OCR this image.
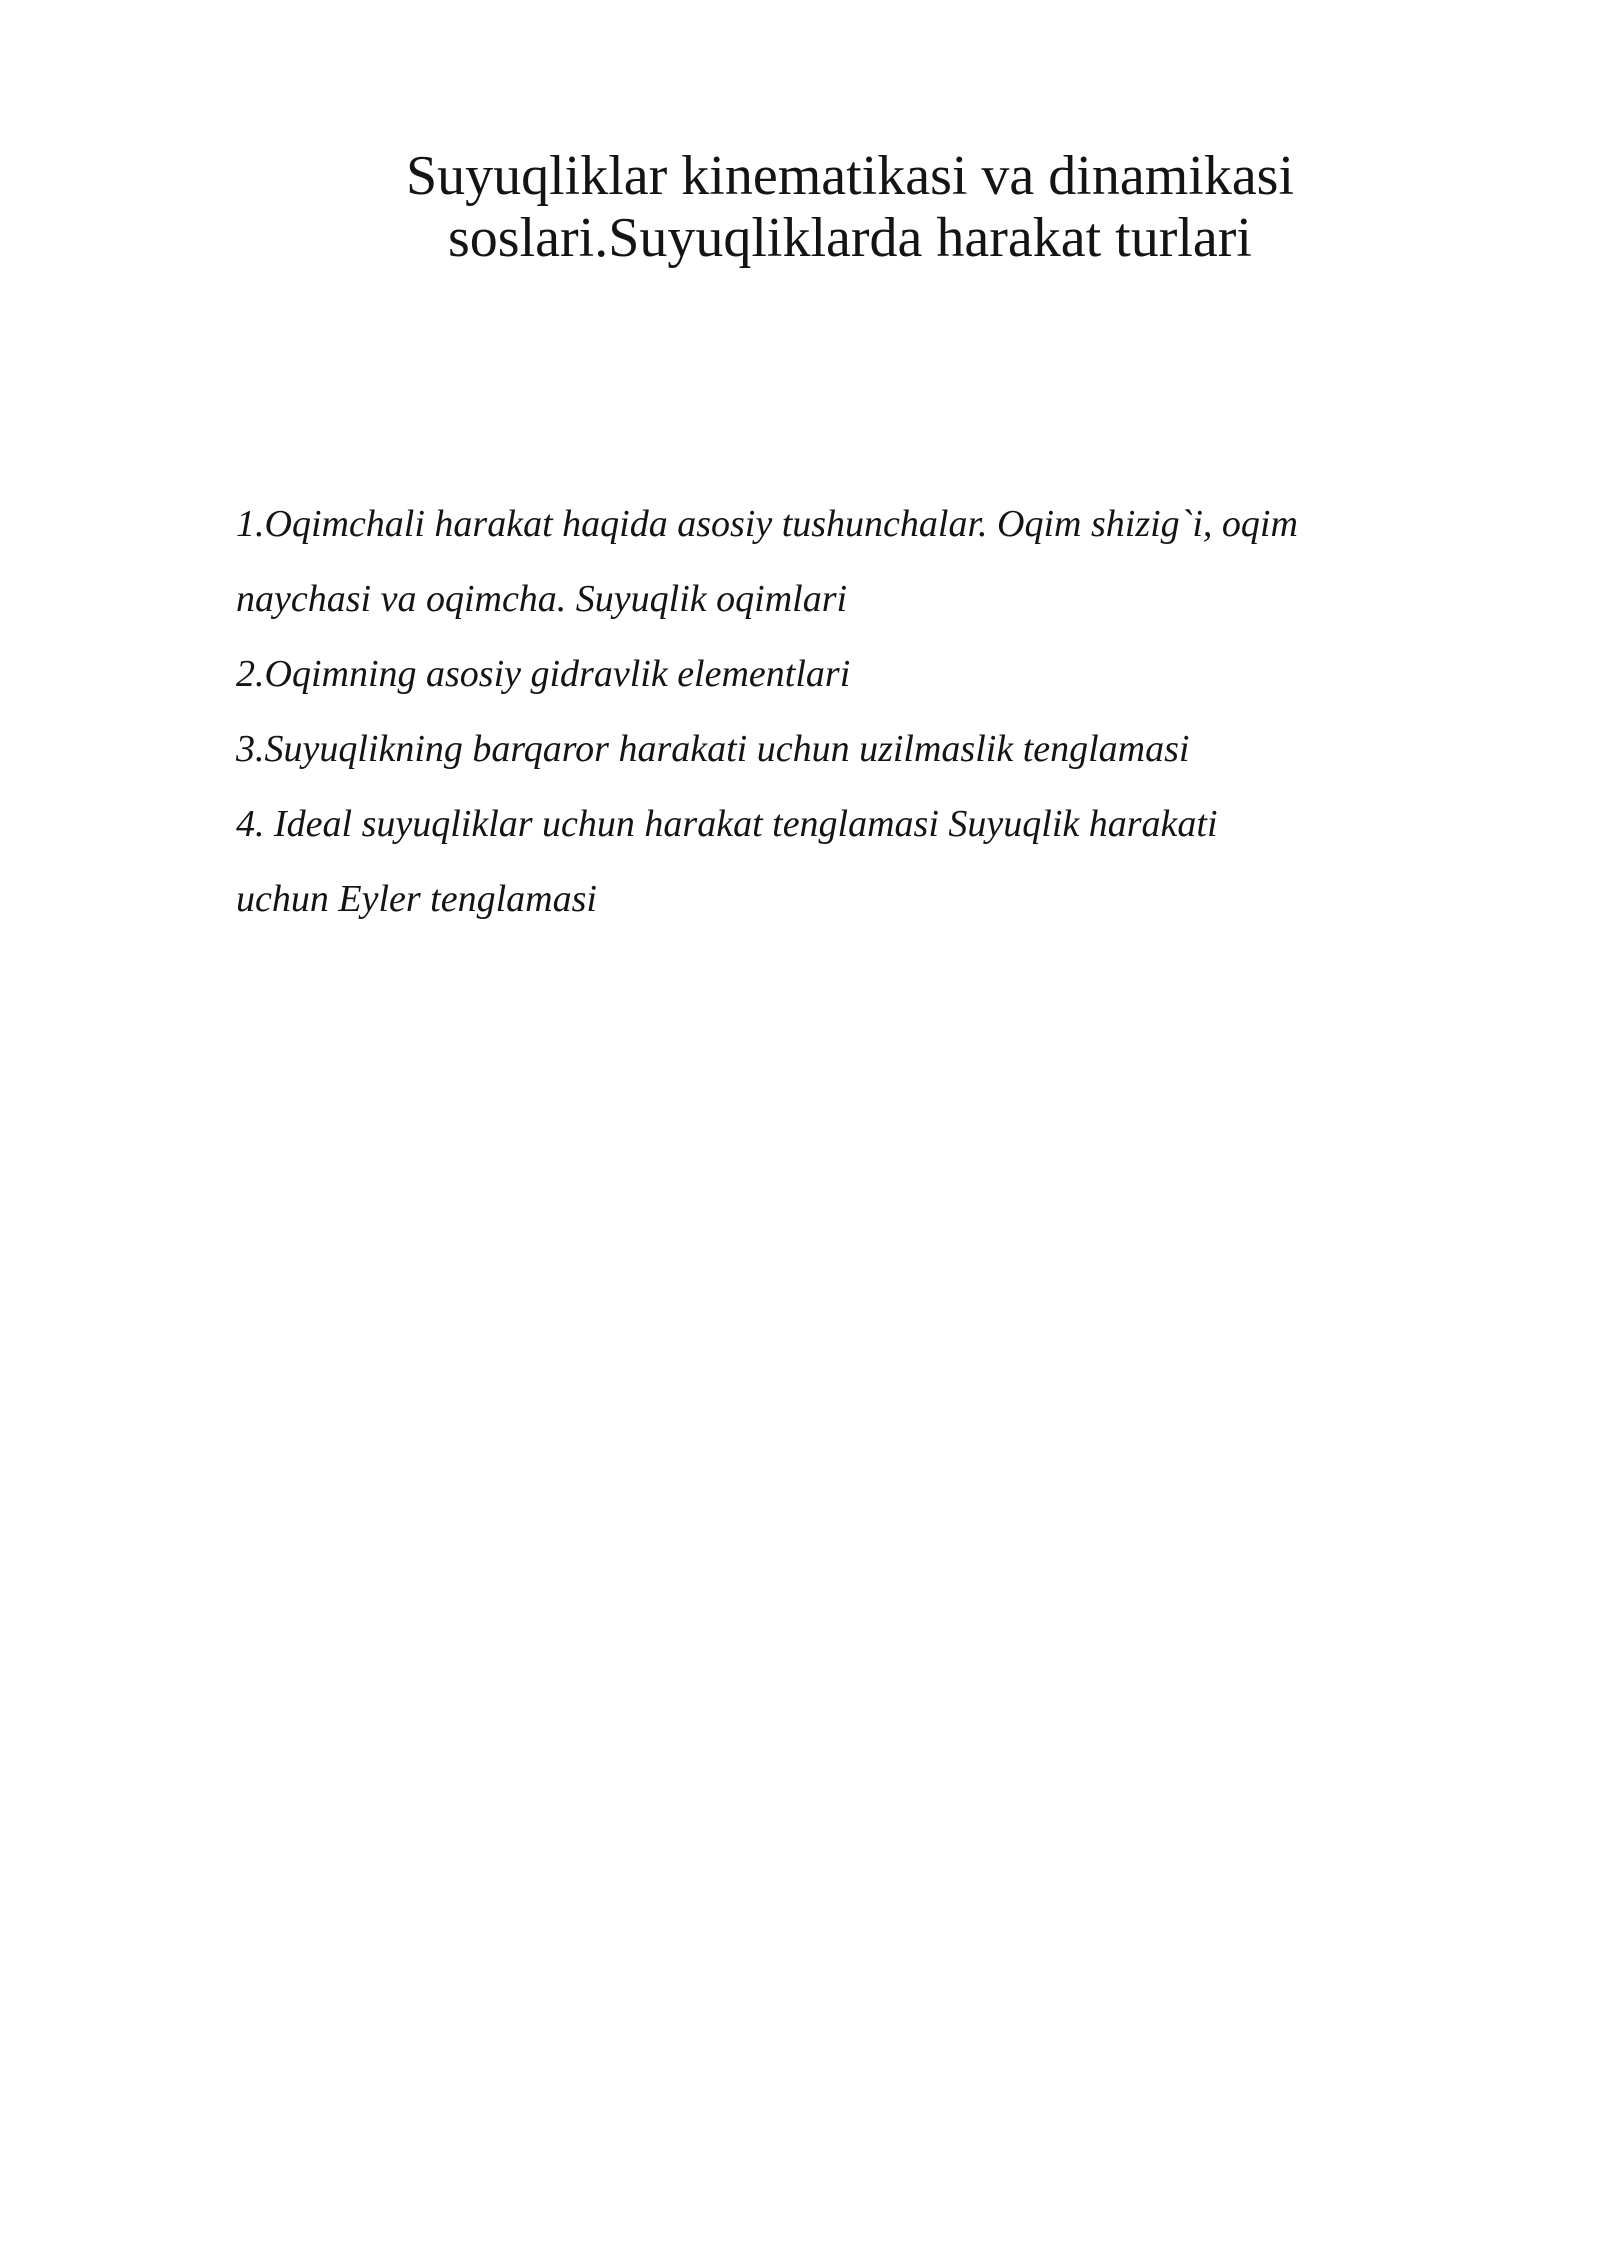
Suyuqliklar kinematikasi va dinamikasi
soslari.Suyuqliklarda harakat turlari
1.Oqimchali harakat haqida asosiy tushunchalar. Oqim shizig`i, oqim
naychasi va oqimcha. Suyuqlik oqimlari
2.Oqimning asosiy gidravlik elementlari
3.Suyuqlikning barqaror harakati uchun uzilmaslik tenglamasi
4. Ideal suyuqliklar uchun harakat tenglamasi Suyuqlik harakati
uchun Eyler tenglamasi
